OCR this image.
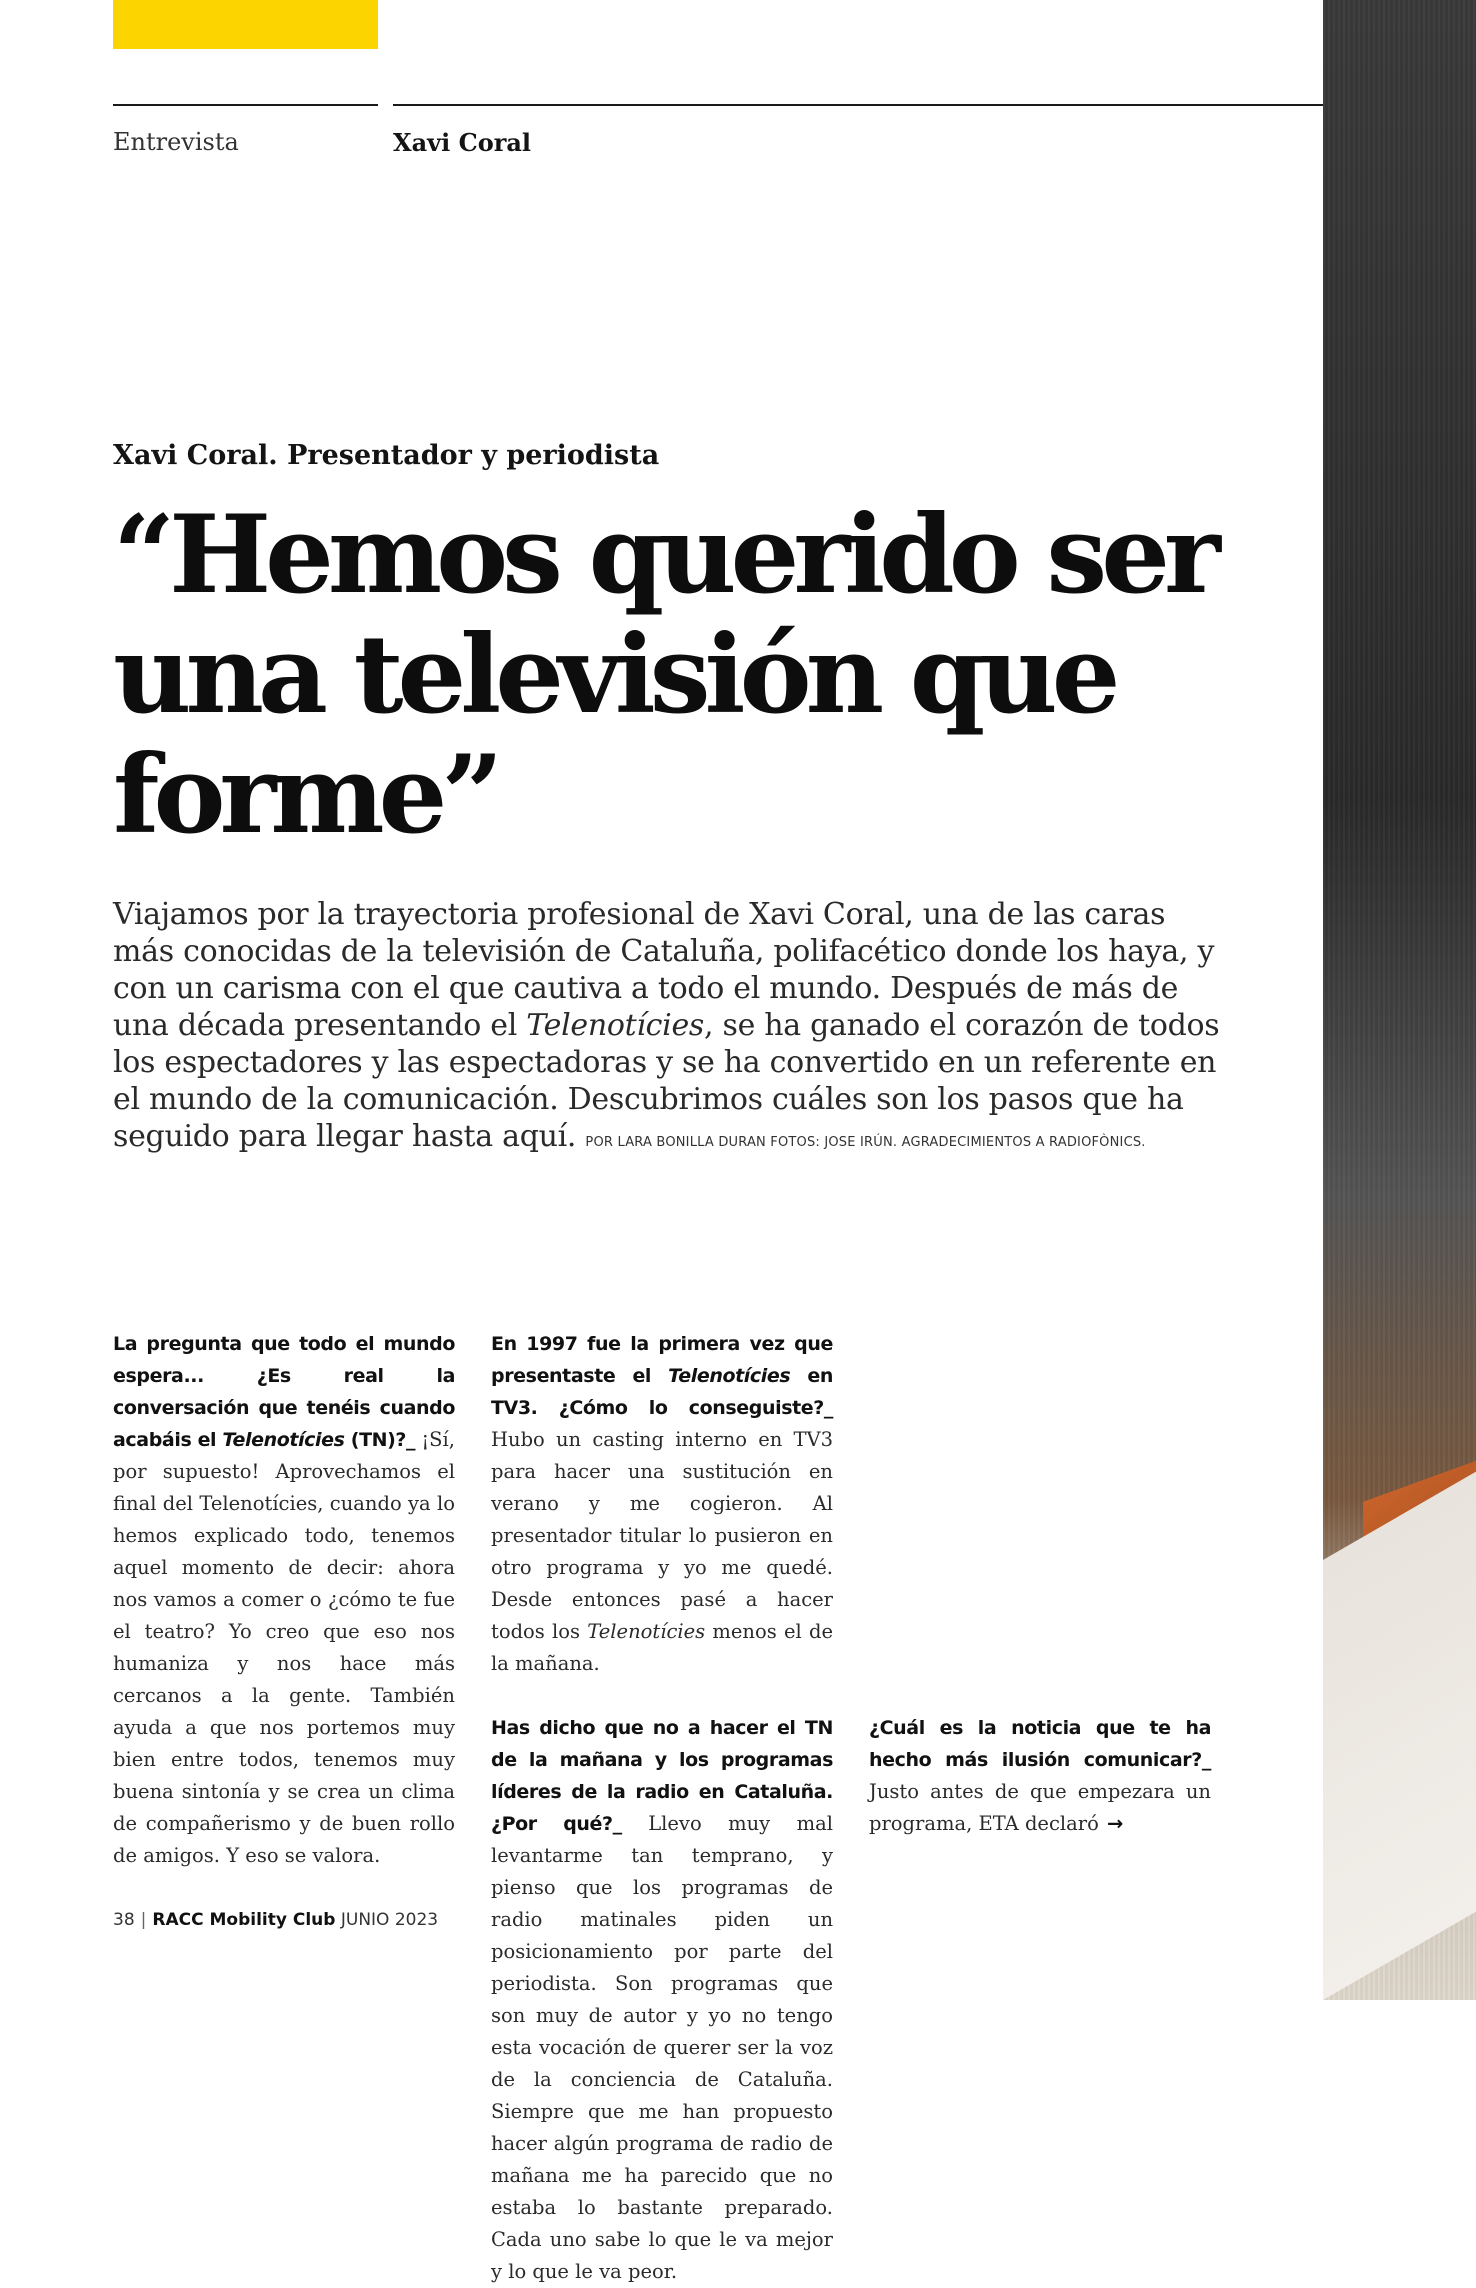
Entrevista	Xavi Coral
Xavi Coral. Presentador y periodista
“Hemos querido ser una televisión que forme”
Viajamos por la trayectoria profesional de Xavi Coral, una de las caras más conocidas de la televisión de Cataluña, polifacético donde los haya, y con un carisma con el que cautiva a todo el mundo. Después de más de una década presentando el Telenotícies, se ha ganado el corazón de todos los espectadores y las espectadoras y se ha convertido en un referente en el mundo de la comunicación. Descubrimos cuáles son los pasos que ha seguido para llegar hasta aquí. POR LARA BONILLA DURAN FOTOS: JOSE IRÚN. AGRADECIMIENTOS A RADIOFÒNICS.

La pregunta que todo el mundo espera... ¿Es real la conversación que tenéis cuando acabáis el Telenotícies (TN)?_ ¡Sí, por supuesto! Aprovechamos el final del Telenotícies, cuando ya lo hemos explicado todo, tenemos aquel momento de decir: ahora nos vamos a comer o ¿cómo te fue el teatro? Yo creo que eso nos humaniza y nos hace más cercanos a la gente. También ayuda a que nos portemos muy bien entre todos, tenemos muy buena sintonía y se crea un clima de compañerismo y de buen rollo de amigos. Y eso se valora.

En 1997 fue la primera vez que presentaste el Telenotícies en TV3. ¿Cómo lo conseguiste?_ Hubo un casting interno en TV3 para hacer una sustitución en verano y me cogieron. Al presentador titular lo pusieron en otro programa y yo me quedé. Desde entonces pasé a hacer todos los Telenotícies menos el de la mañana.

Has dicho que no a hacer el TN de la mañana y los programas líderes de la radio en Cataluña. ¿Por qué?_ Llevo muy mal levantarme tan temprano, y pienso que los programas de radio matinales piden un posicionamiento por parte del periodista. Son programas que son muy de autor y yo no tengo esta vocación de querer ser la voz de la conciencia de Cataluña. Siempre que me han propuesto hacer algún programa de radio de mañana me ha parecido que no estaba lo bastante preparado. Cada uno sabe lo que le va mejor y lo que le va peor.

¿Cuál es la noticia que te ha hecho más ilusión comunicar?_ Justo antes de que empezara un programa, ETA declaró →

38 | RACC Mobility Club JUNIO 2023
